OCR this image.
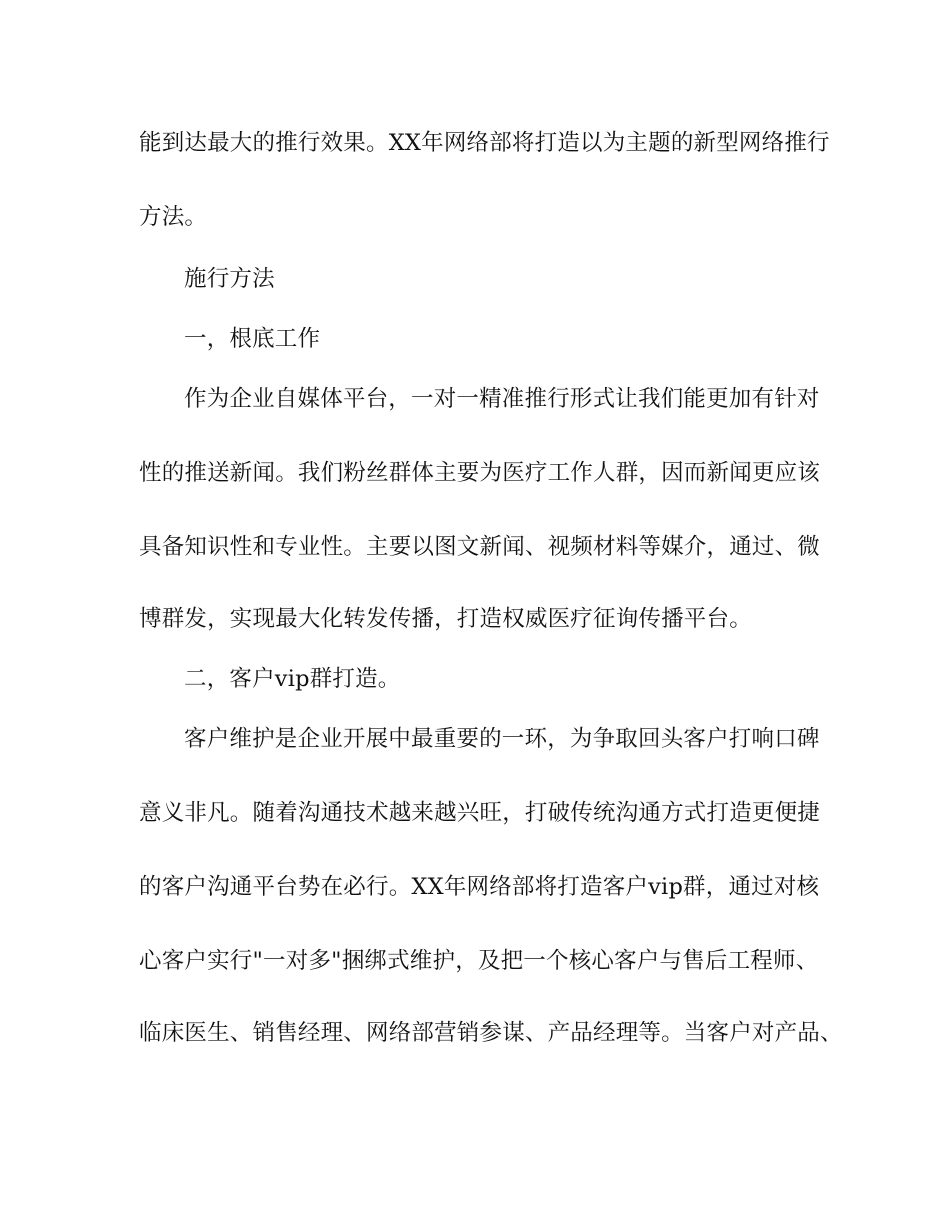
能到达最大的推行效果。XX年网络部将打造以为主题的新型网络推行
方法。
施行方法
一，根底工作
作为企业自媒体平台，一对一精准推行形式让我们能更加有针对
性的推送新闻。我们粉丝群体主要为医疗工作人群，因而新闻更应该
具备知识性和专业性。主要以图文新闻、视频材料等媒介，通过、微
博群发，实现最大化转发传播，打造权威医疗征询传播平台。
二，客户vip群打造。
客户维护是企业开展中最重要的一环，为争取回头客户打响口碑
意义非凡。随着沟通技术越来越兴旺，打破传统沟通方式打造更便捷
的客户沟通平台势在必行。XX年网络部将打造客户vip群，通过对核
心客户实行"一对多"捆绑式维护，及把一个核心客户与售后工程师、
临床医生、销售经理、网络部营销参谋、产品经理等。当客户对产品、
